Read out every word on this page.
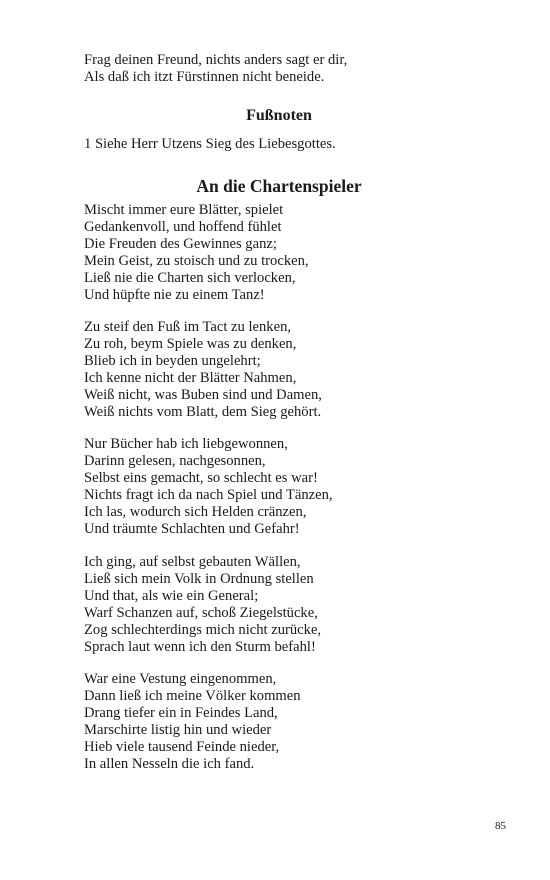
Frag deinen Freund, nichts anders sagt er dir,
Als daß ich itzt Fürstinnen nicht beneide.
Fußnoten
1 Siehe Herr Utzens Sieg des Liebesgottes.
An die Chartenspieler
Mischt immer eure Blätter, spielet
Gedankenvoll, und hoffend fühlet
Die Freuden des Gewinnes ganz;
Mein Geist, zu stoisch und zu trocken,
Ließ nie die Charten sich verlocken,
Und hüpfte nie zu einem Tanz!
Zu steif den Fuß im Tact zu lenken,
Zu roh, beym Spiele was zu denken,
Blieb ich in beyden ungelehrt;
Ich kenne nicht der Blätter Nahmen,
Weiß nicht, was Buben sind und Damen,
Weiß nichts vom Blatt, dem Sieg gehört.
Nur Bücher hab ich liebgewonnen,
Darinn gelesen, nachgesonnen,
Selbst eins gemacht, so schlecht es war!
Nichts fragt ich da nach Spiel und Tänzen,
Ich las, wodurch sich Helden cränzen,
Und träumte Schlachten und Gefahr!
Ich ging, auf selbst gebauten Wällen,
Ließ sich mein Volk in Ordnung stellen
Und that, als wie ein General;
Warf Schanzen auf, schoß Ziegelstücke,
Zog schlechterdings mich nicht zurücke,
Sprach laut wenn ich den Sturm befahl!
War eine Vestung eingenommen,
Dann ließ ich meine Völker kommen
Drang tiefer ein in Feindes Land,
Marschirte listig hin und wieder
Hieb viele tausend Feinde nieder,
In allen Nesseln die ich fand.
85
